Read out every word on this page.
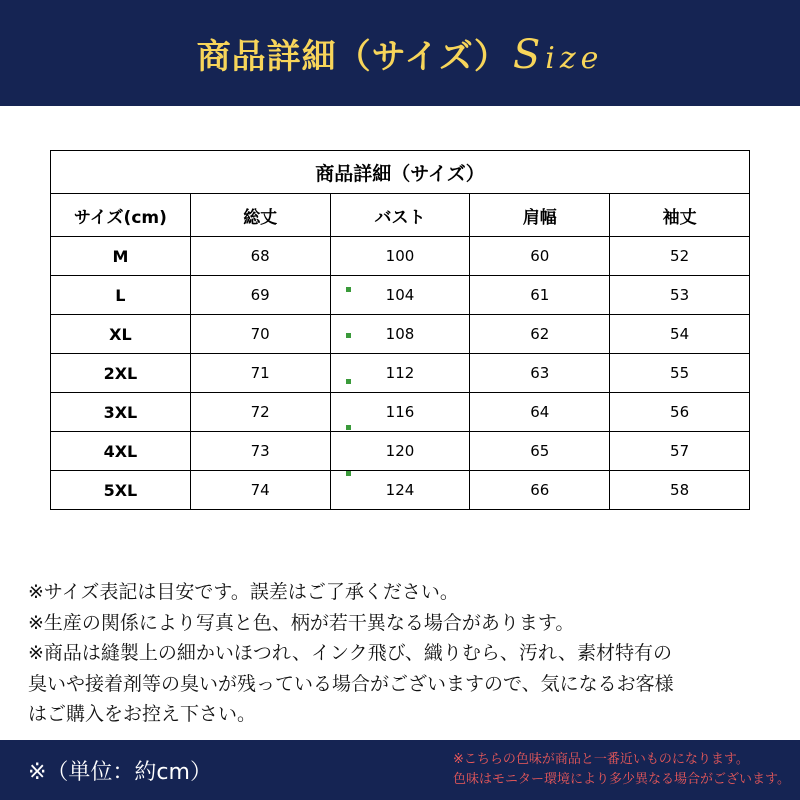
商品詳細（サイズ） Size
商品詳細（サイズ）				
サイズ(cm)	総丈	バスト	肩幅	袖丈
M	68	100	60	52
L	69	104	61	53
XL	70	108	62	54
2XL	71	112	63	55
3XL	72	116	64	56
4XL	73	120	65	57
5XL	74	124	66	58

※サイズ表記は目安です。誤差はご了承ください。

※生産の関係により写真と色、柄が若干異なる場合があります。

※商品は縫製上の細かいほつれ、インク飛び、織りむら、汚れ、素材特有の

臭いや接着剤等の臭いが残っている場合がございますので、気になるお客様

はご購入をお控え下さい。

※（単位：約cm）
※こちらの色味が商品と一番近いものになります。
色味はモニター環境により多少異なる場合がございます。
